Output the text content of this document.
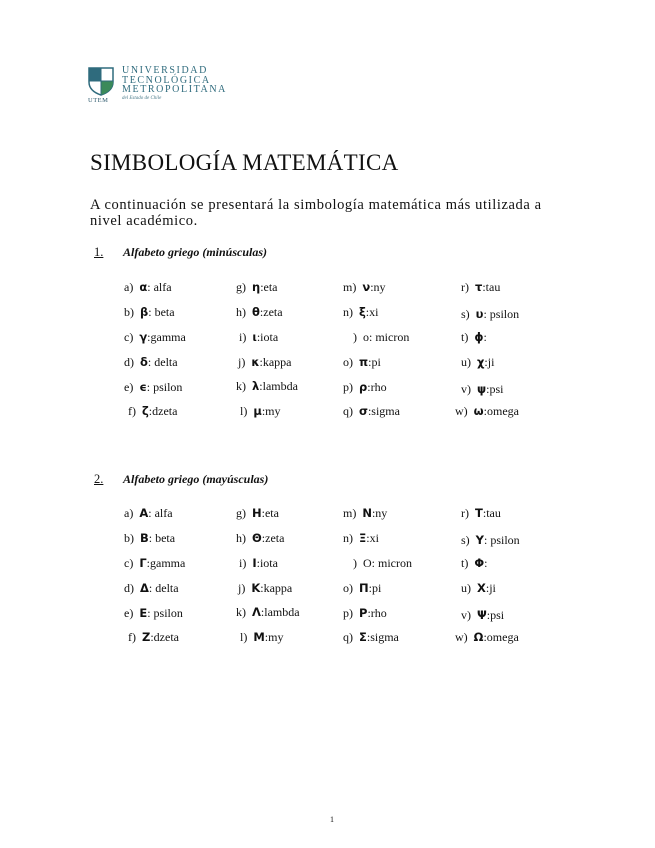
UTEM
UNIVERSIDAD
TECNOLÓGICA
METROPOLITANA
del Estado de Chile
SIMBOLOGÍA MATEMÁTICA
A continuación se presentará la simbología matemática más utilizada a nivel académico.
1. Alfabeto griego (minúsculas)
a) α: alfa
b) β: beta
c) γ:gamma
d) δ: delta
e) ϵ: psilon
f) ζ:dzeta
g) η:eta
h) θ:zeta
i) ι:iota
j) κ:kappa
k) λ:lambda
l) μ:my
m) ν:ny
n) ξ:xi
) o: micron
o) π:pi
p) ρ:rho
q) σ:sigma
r) τ:tau
s) υ: psilon
t) ϕ:
u) χ:ji
v) ψ:psi
w) ω:omega
2. Alfabeto griego (mayúsculas)
a) A: alfa
b) B: beta
c) Γ:gamma
d) Δ: delta
e) E: psilon
f) Z:dzeta
g) H:eta
h) Θ:zeta
i) I:iota
j) K:kappa
k) Λ:lambda
l) M:my
m) N:ny
n) Ξ:xi
) O: micron
o) Π:pi
p) P:rho
q) Σ:sigma
r) T:tau
s) Y: psilon
t) Φ:
u) X:ji
v) Ψ:psi
w) Ω:omega
1
